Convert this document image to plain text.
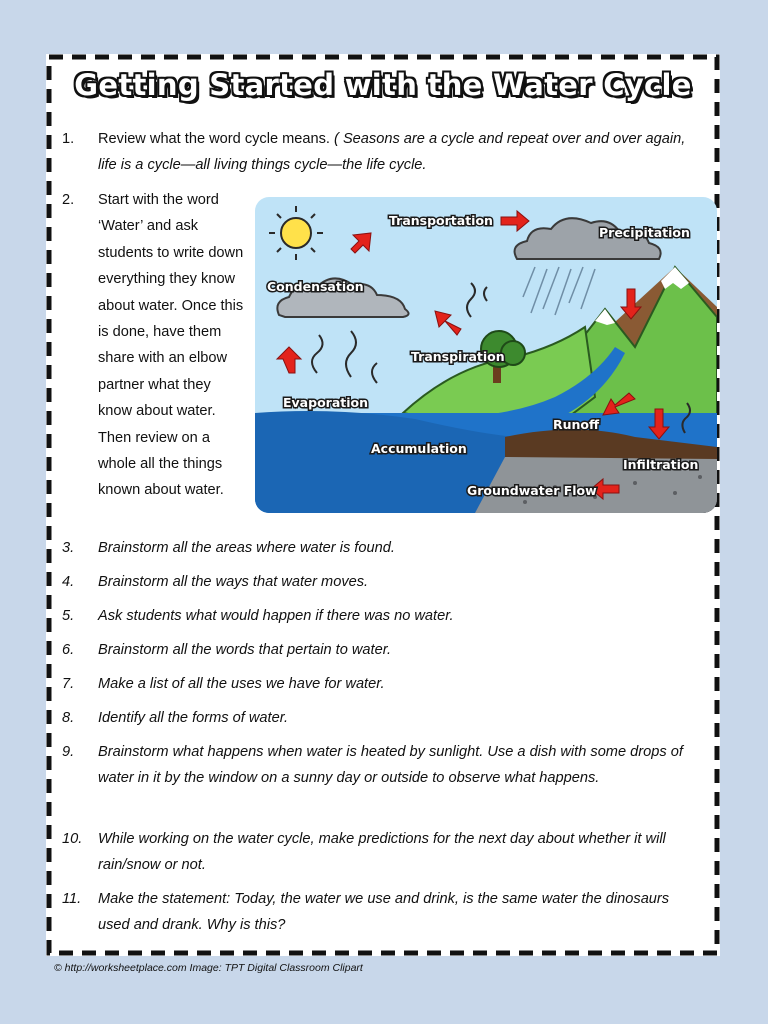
Getting Started with the Water Cycle
1.	Review what the word cycle means. ( Seasons are a cycle and repeat over and over again, life is a cycle—all living things cycle—the life cycle.
2.	Start with the word ‘Water’ and ask students to write down everything they know about water. Once this is done, have them share with an elbow partner what they know about water. Then review on a whole all the things known about water.
Transportation
Precipitation
Condensation
Transpiration
Evaporation
Runoff
Accumulation
Infiltration
Groundwater Flow
3.	Brainstorm all the areas where water is found.
4.	Brainstorm all the ways that water moves.
5.	Ask students what would happen if there was no water.
6.	Brainstorm all the words that pertain to water.
7.	Make a list of all the uses we have for water.
8.	Identify all the forms of water.
9.	Brainstorm what happens when water is heated by sunlight. Use a dish with some drops of water in it by the window on a sunny day or outside to observe what happens.
10.	While working on the water cycle, make predictions for the next day about whether it will rain/snow or not.
11.	Make the statement: Today, the water we use and drink, is the same water the dinosaurs used and drank. Why is this?
© http://worksheetplace.com Image: TPT Digital Classroom Clipart
